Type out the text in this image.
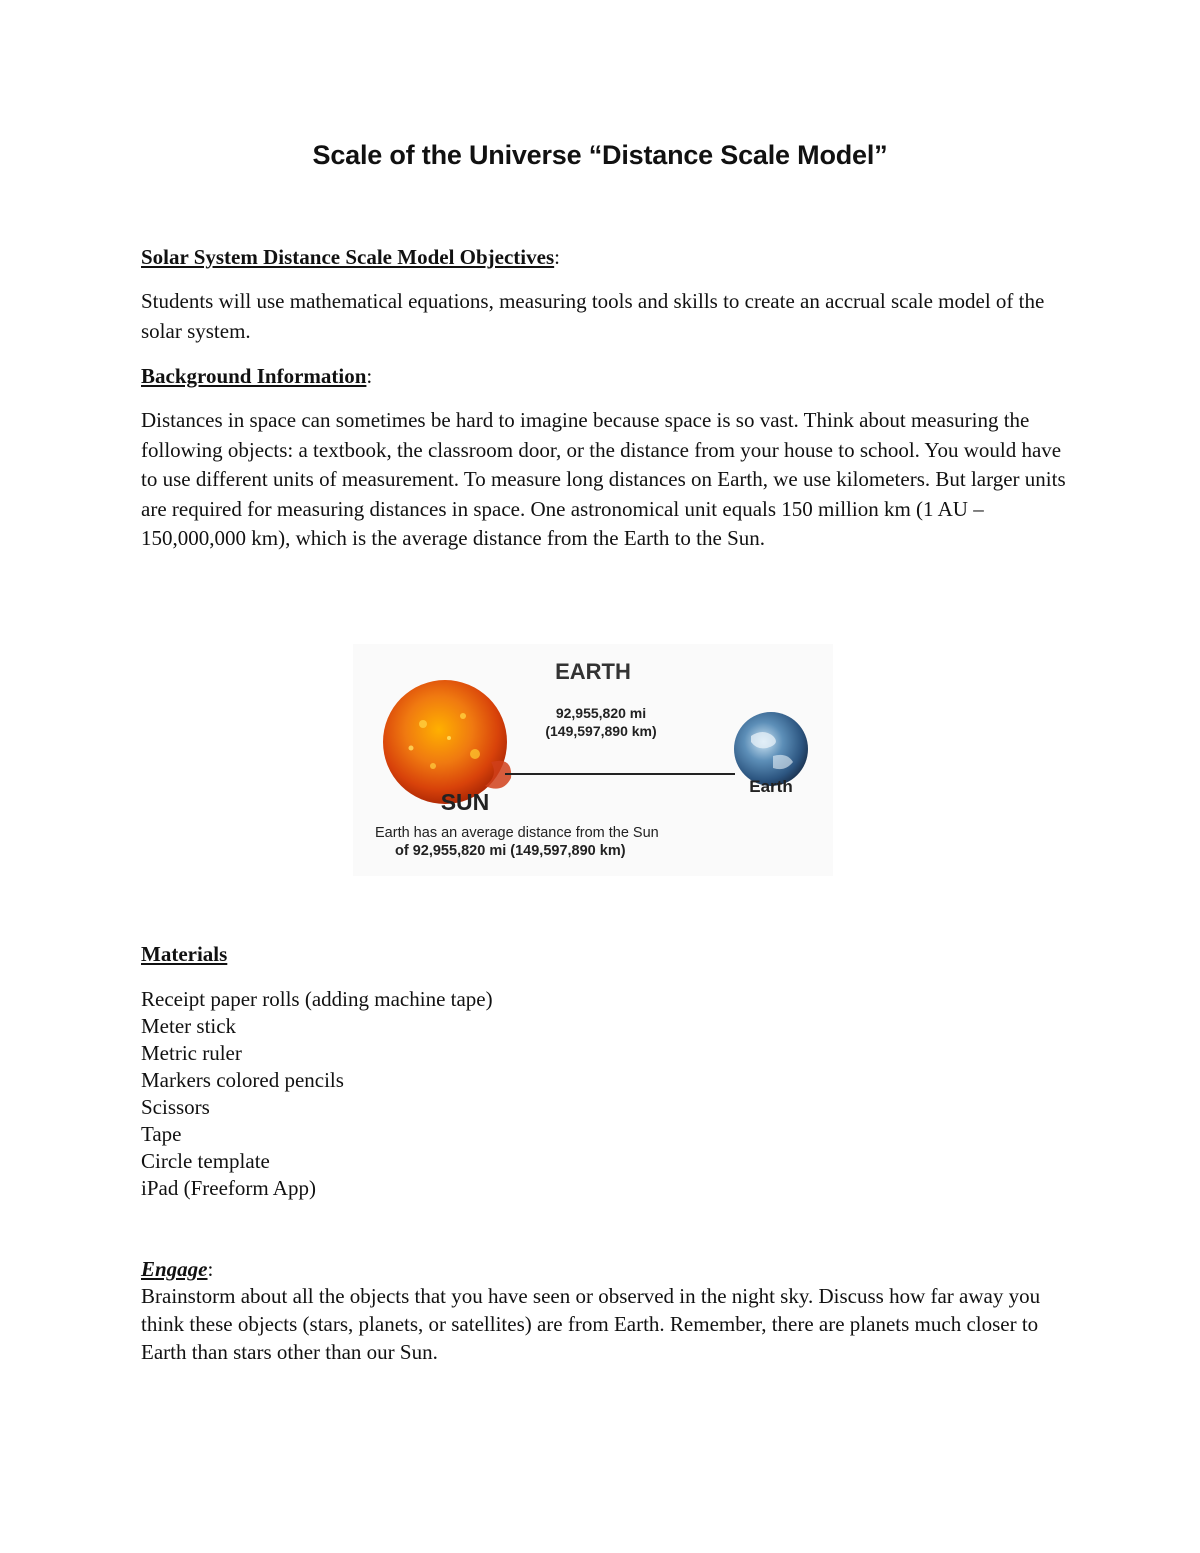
Scale of the Universe “Distance Scale Model”
Solar System Distance Scale Model Objectives:
Students will use mathematical equations, measuring tools and skills to create an accrual scale model of the solar system.
Background Information:
Distances in space can sometimes be hard to imagine because space is so vast. Think about measuring the following objects: a textbook, the classroom door, or the distance from your house to school. You would have to use different units of measurement. To measure long distances on Earth, we use kilometers. But larger units are required for measuring distances in space. One astronomical unit equals 150 million km (1 AU – 150,000,000 km), which is the average distance from the Earth to the Sun.
EARTH
92,955,820 mi
(149,597,890 km)
Earth
SUN
Earth has an average distance from the Sun
of 92,955,820 mi (149,597,890 km)
Materials
Receipt paper rolls (adding machine tape)
Meter stick
Metric ruler
Markers colored pencils
Scissors
Tape
Circle template
iPad (Freeform App)
Engage:
Brainstorm about all the objects that you have seen or observed in the night sky. Discuss how far away you think these objects (stars, planets, or satellites) are from Earth. Remember, there are planets much closer to Earth than stars other than our Sun.
